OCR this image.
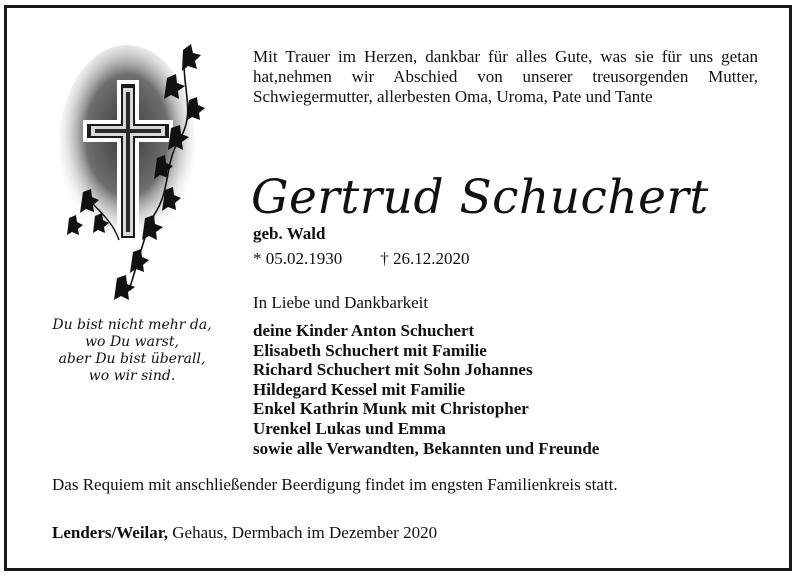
Du bist nicht mehr da,
wo Du warst,
aber Du bist überall,
wo wir sind.
Mit Trauer im Herzen, dankbar für alles Gute, was sie für uns getan hat,nehmen wir Abschied von unserer treusorgenden Mutter, Schwiegermutter, allerbesten Oma, Uroma, Pate und Tante
Gertrud Schuchert
geb. Wald
* 05.02.1930 † 26.12.2020
In Liebe und Dankbarkeit
deine Kinder Anton Schuchert
Elisabeth Schuchert mit Familie
Richard Schuchert mit Sohn Johannes
Hildegard Kessel mit Familie
Enkel Kathrin Munk mit Christopher
Urenkel Lukas und Emma
sowie alle Verwandten, Bekannten und Freunde
Das Requiem mit anschließender Beerdigung findet im engsten Familienkreis statt.
Lenders/Weilar, Gehaus, Dermbach im Dezember 2020
